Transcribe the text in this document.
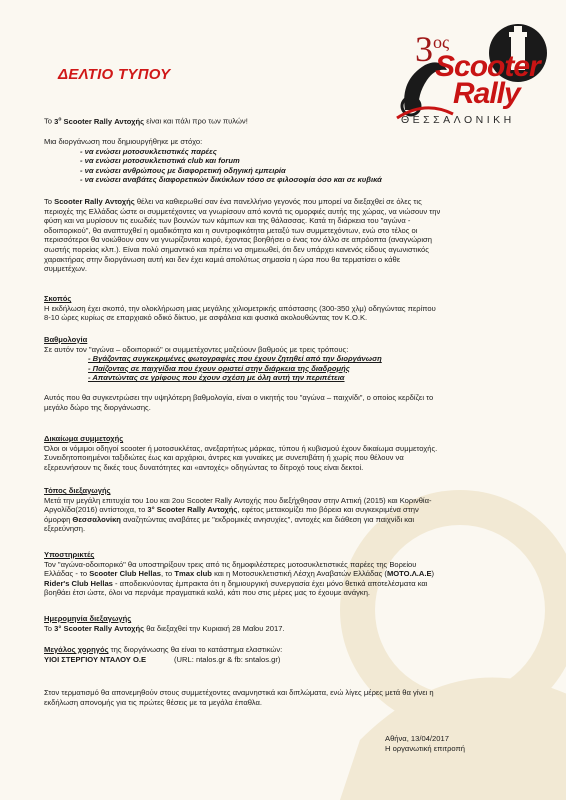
$3^{o\varsigma}$
Scooter
Rally
ΘΕΣΣΑΛΟΝΙΚΗ
ΔΕΛΤΙΟ ΤΥΠΟΥ
Το $3^o$ Scooter Rally Αντοχής είναι και πάλι προ των πυλών!
Μια διοργάνωση που δημιουργήθηκε με στόχο:
- να ενώσει μοτοσυκλετιστικές παρέες
- να ενώσει μοτοσυκλετιστικά club και forum
- να ενώσει ανθρώπους με διαφορετική οδηγική εμπειρία
- να ενώσει αναβάτες διαφορετικών δικύκλων τόσο σε φιλοσοφία όσο και σε κυβικά
Το Scooter Rally Αντοχής θέλει να καθιερωθεί σαν ένα πανελλήνιο γεγονός που μπορεί να διεξαχθεί σε όλες τις
περιοχές της Ελλάδας ώστε οι συμμετέχοντες να γνωρίσουν από κοντά τις ομορφιές αυτής της χώρας, να νιώσουν την
φύση και να μυρίσουν τις ευωδιές των βουνών των κάμπων και της θάλασσας. Κατά τη διάρκεια του "αγώνα -
οδοιπορικού", θα αναπτυχθεί η ομαδικότητα και η συντροφικότητα μεταξύ των συμμετεχόντων, ενώ στο τέλος οι
περισσότεροι θα νοιώθουν σαν να γνωρίζονται καιρό, έχοντας βοηθήσει ο ένας τον άλλο σε απρόοπτα (αναγνώριση
σωστής πορείας κλπ.). Είναι πολύ σημαντικό και πρέπει να σημειωθεί, ότι δεν υπάρχει κανενός είδους αγωνιστικός
χαρακτήρας στην διοργάνωση αυτή και δεν έχει καμιά απολύτως σημασία η ώρα που θα τερματίσει ο κάθε
συμμετέχων.
Σκοπός
Η εκδήλωση έχει σκοπό, την ολοκλήρωση μιας μεγάλης χιλιομετρικής απόστασης (300-350 χλμ) οδηγώντας περίπου
8-10 ώρες κυρίως σε επαρχιακό οδικό δίκτυο, με ασφάλεια και φυσικά ακολουθώντας τον Κ.Ο.Κ.
Βαθμολογία
Σε αυτόν τον "αγώνα – οδοιπορικό" οι συμμετέχοντες μαζεύουν βαθμούς με τρεις τρόπους:
- Βγάζοντας συγκεκριμένες φωτογραφίες που έχουν ζητηθεί από την διοργάνωση
- Παίζοντας σε παιχνίδια που έχουν οριστεί στην διάρκεια της διαδρομής
- Απαντώντας σε γρίφους που έχουν σχέση με όλη αυτή την περιπέτεια
Αυτός που θα συγκεντρώσει την υψηλότερη βαθμολογία, είναι ο νικητής του "αγώνα – παιχνίδι", ο οποίος κερδίζει το
μεγάλο δώρο της διοργάνωσης.
Δικαίωμα συμμετοχής
Όλοι οι νόμιμοι οδηγοί scooter ή μοτοσυκλέτας, ανεξαρτήτως μάρκας, τύπου ή κυβισμού έχουν δικαίωμα συμμετοχής.
Συνειδητοποιημένοι ταξιδιώτες έως και αρχάριοι, άντρες και γυναίκες με συνεπιβάτη ή χωρίς που θέλουν να
εξερευνήσουν τις δικές τους δυνατότητες και «αντοχές» οδηγώντας το δίτροχό τους είναι δεκτοί.
Τόπος διεξαγωγής
Μετά την μεγάλη επιτυχία του 1ου και 2ου Scooter Rally Αντοχής που διεξήχθησαν στην Αττική (2015) και Κορινθία-
Αργολίδα(2016) αντίστοιχα, το 3° Scooter Rally Αντοχής, εφέτος μετακομίζει πιο βόρεια και συγκεκριμένα στην
όμορφη Θεσσαλονίκη αναζητώντας αναβάτες με "εκδρομικές ανησυχίες", αντοχές και διάθεση για παιχνίδι και
εξερεύνηση.
Υποστηρικτές
Τον "αγώνα-οδοιπορικό" θα υποστηρίξουν τρεις από τις δημοφιλέστερες μοτοσυκλετιστικές παρέες της Βορείου
Ελλάδας - το Scooter Club Hellas, το Tmax club και η Μοτοσυκλετιστική Λέσχη Αναβατών Ελλάδας (ΜΟΤΟ.Λ.Α.Ε)
Rider's Club Hellas - αποδεικνύοντας έμπρακτα ότι η δημιουργική συνεργασία έχει μόνο θετικά αποτελέσματα και
βοηθάει έτσι ώστε, όλοι να περνάμε πραγματικά καλά, κάτι που στις μέρες μας το έχουμε ανάγκη.
Ημερομηνία διεξαγωγής
Το 3° Scooter Rally Αντοχής θα διεξαχθεί την Κυριακή 28 Μαΐου 2017.
Μεγάλος χορηγός της διοργάνωσης θα είναι το κατάστημα ελαστικών:
ΥΙΟΙ ΣΤΕΡΓΙΟΥ ΝΤΑΛΟΥ Ο.Ε	(URL: ntalos.gr & fb: sntalos.gr)
Στον τερματισμό θα απονεμηθούν στους συμμετέχοντες αναμνηστικά και διπλώματα, ενώ λίγες μέρες μετά θα γίνει η
εκδήλωση απονομής για τις πρώτες θέσεις με τα μεγάλα έπαθλα.
Αθήνα, 13/04/2017
Η οργανωτική επιτροπή
